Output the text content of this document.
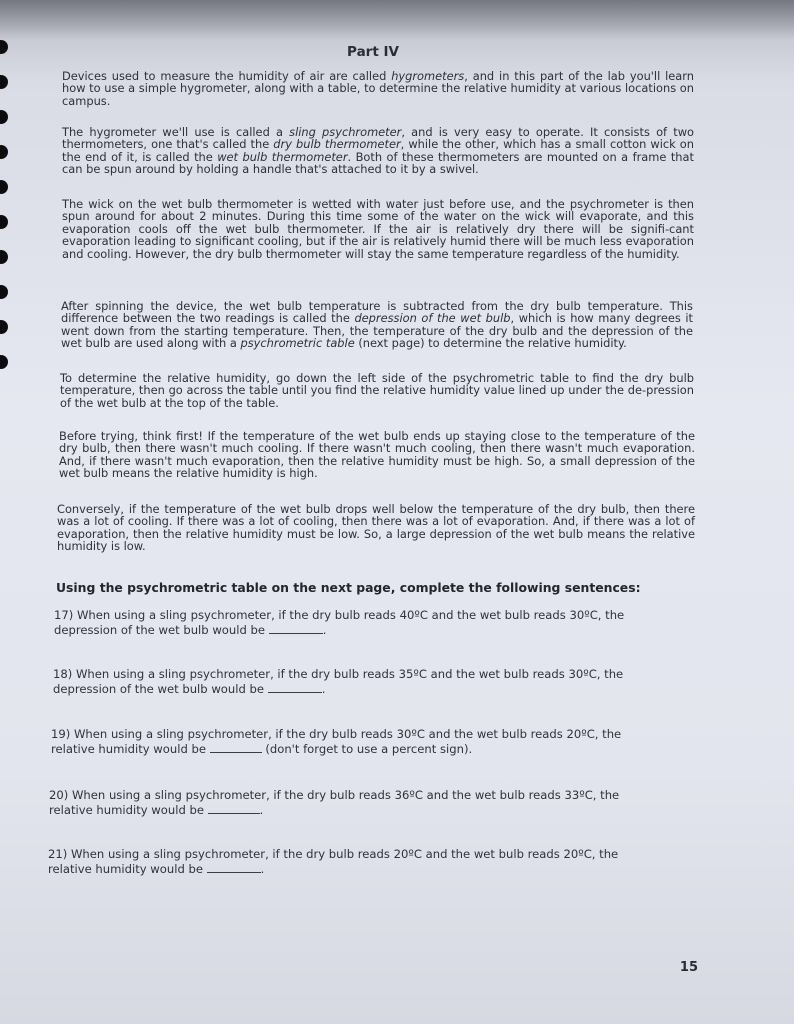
Part IV
Devices used to measure the humidity of air are called hygrometers, and in this part of the lab you'll learn how to use a simple hygrometer, along with a table, to determine the relative humidity at various locations on campus.
The hygrometer we'll use is called a sling psychrometer, and is very easy to operate. It consists of two thermometers, one that's called the dry bulb thermometer, while the other, which has a small cotton wick on the end of it, is called the wet bulb thermometer. Both of these thermometers are mounted on a frame that can be spun around by holding a handle that's attached to it by a swivel.
The wick on the wet bulb thermometer is wetted with water just before use, and the psychrometer is then spun around for about 2 minutes. During this time some of the water on the wick will evaporate, and this evaporation cools off the wet bulb thermometer. If the air is relatively dry there will be signifi-cant evaporation leading to significant cooling, but if the air is relatively humid there will be much less evaporation and cooling. However, the dry bulb thermometer will stay the same temperature regardless of the humidity.
After spinning the device, the wet bulb temperature is subtracted from the dry bulb temperature. This difference between the two readings is called the depression of the wet bulb, which is how many degrees it went down from the starting temperature. Then, the temperature of the dry bulb and the depression of the wet bulb are used along with a psychrometric table (next page) to determine the relative humidity.
To determine the relative humidity, go down the left side of the psychrometric table to find the dry bulb temperature, then go across the table until you find the relative humidity value lined up under the de-pression of the wet bulb at the top of the table.
Before trying, think first! If the temperature of the wet bulb ends up staying close to the temperature of the dry bulb, then there wasn't much cooling. If there wasn't much cooling, then there wasn't much evaporation. And, if there wasn't much evaporation, then the relative humidity must be high. So, a small depression of the wet bulb means the relative humidity is high.
Conversely, if the temperature of the wet bulb drops well below the temperature of the dry bulb, then there was a lot of cooling. If there was a lot of cooling, then there was a lot of evaporation. And, if there was a lot of evaporation, then the relative humidity must be low. So, a large depression of the wet bulb means the relative humidity is low.
Using the psychrometric table on the next page, complete the following sentences:
17) When using a sling psychrometer, if the dry bulb reads 40ºC and the wet bulb reads 30ºC, the
depression of the wet bulb would be	.
18) When using a sling psychrometer, if the dry bulb reads 35ºC and the wet bulb reads 30ºC, the
depression of the wet bulb would be	.
19) When using a sling psychrometer, if the dry bulb reads 30ºC and the wet bulb reads 20ºC, the
relative humidity would be	(don't forget to use a percent sign).
20) When using a sling psychrometer, if the dry bulb reads 36ºC and the wet bulb reads 33ºC, the
relative humidity would be	.
21) When using a sling psychrometer, if the dry bulb reads 20ºC and the wet bulb reads 20ºC, the
relative humidity would be	.
15
